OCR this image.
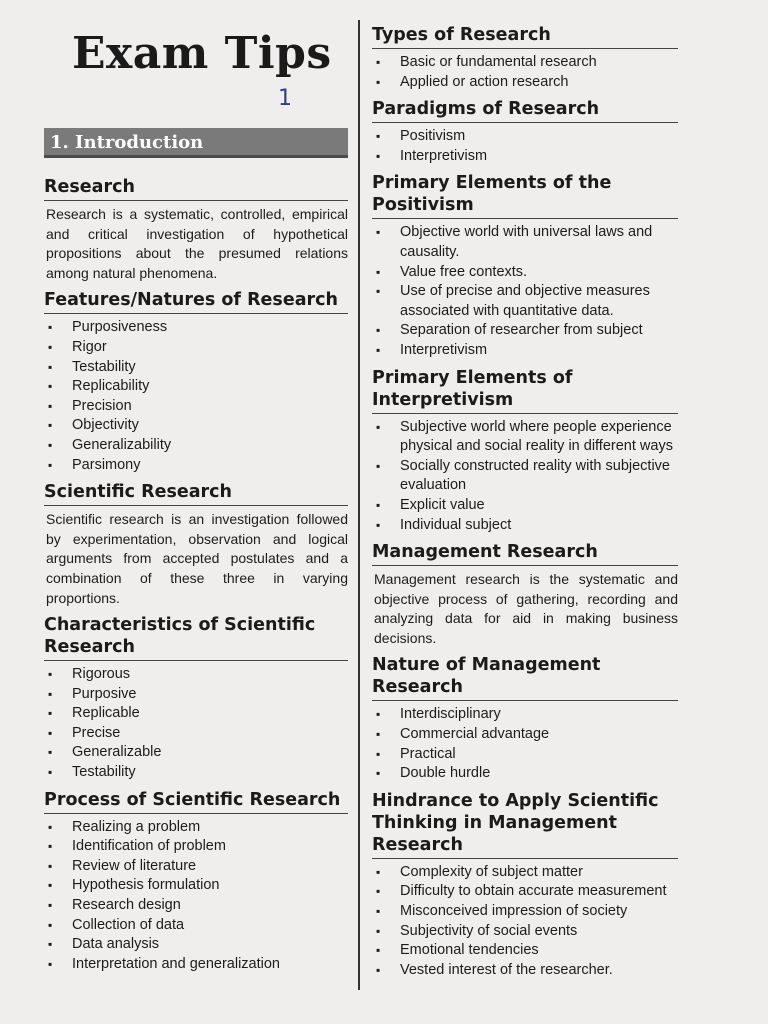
Exam Tips
1
1. Introduction
Research

Research is a systematic, controlled, empirical and critical investigation of hypothetical propositions about the presumed relations among natural phenomena.

Features/Natures of Research
▪ Purposiveness
▪ Rigor
▪ Testability
▪ Replicability
▪ Precision
▪ Objectivity
▪ Generalizability
▪ Parsimony
Scientific Research

Scientific research is an investigation followed by experimentation, observation and logical arguments from accepted postulates and a combination of these three in varying proportions.

Characteristics of Scientific Research
▪ Rigorous
▪ Purposive
▪ Replicable
▪ Precise
▪ Generalizable
▪ Testability
Process of Scientific Research
▪ Realizing a problem
▪ Identification of problem
▪ Review of literature
▪ Hypothesis formulation
▪ Research design
▪ Collection of data
▪ Data analysis
▪ Interpretation and generalization
Types of Research
▪ Basic or fundamental research
▪ Applied or action research
Paradigms of Research
▪ Positivism
▪ Interpretivism
Primary Elements of the Positivism
▪ Objective world with universal laws and causality.
▪ Value free contexts.
▪ Use of precise and objective measures associated with quantitative data.
▪ Separation of researcher from subject
▪ Interpretivism
Primary Elements of Interpretivism
▪ Subjective world where people experience physical and social reality in different ways
▪ Socially constructed reality with subjective evaluation
▪ Explicit value
▪ Individual subject
Management Research

Management research is the systematic and objective process of gathering, recording and analyzing data for aid in making business decisions.

Nature of Management Research
▪ Interdisciplinary
▪ Commercial advantage
▪ Practical
▪ Double hurdle
Hindrance to Apply Scientific Thinking in Management Research
▪ Complexity of subject matter
▪ Difficulty to obtain accurate measurement
▪ Misconceived impression of society
▪ Subjectivity of social events
▪ Emotional tendencies
▪ Vested interest of the researcher.
